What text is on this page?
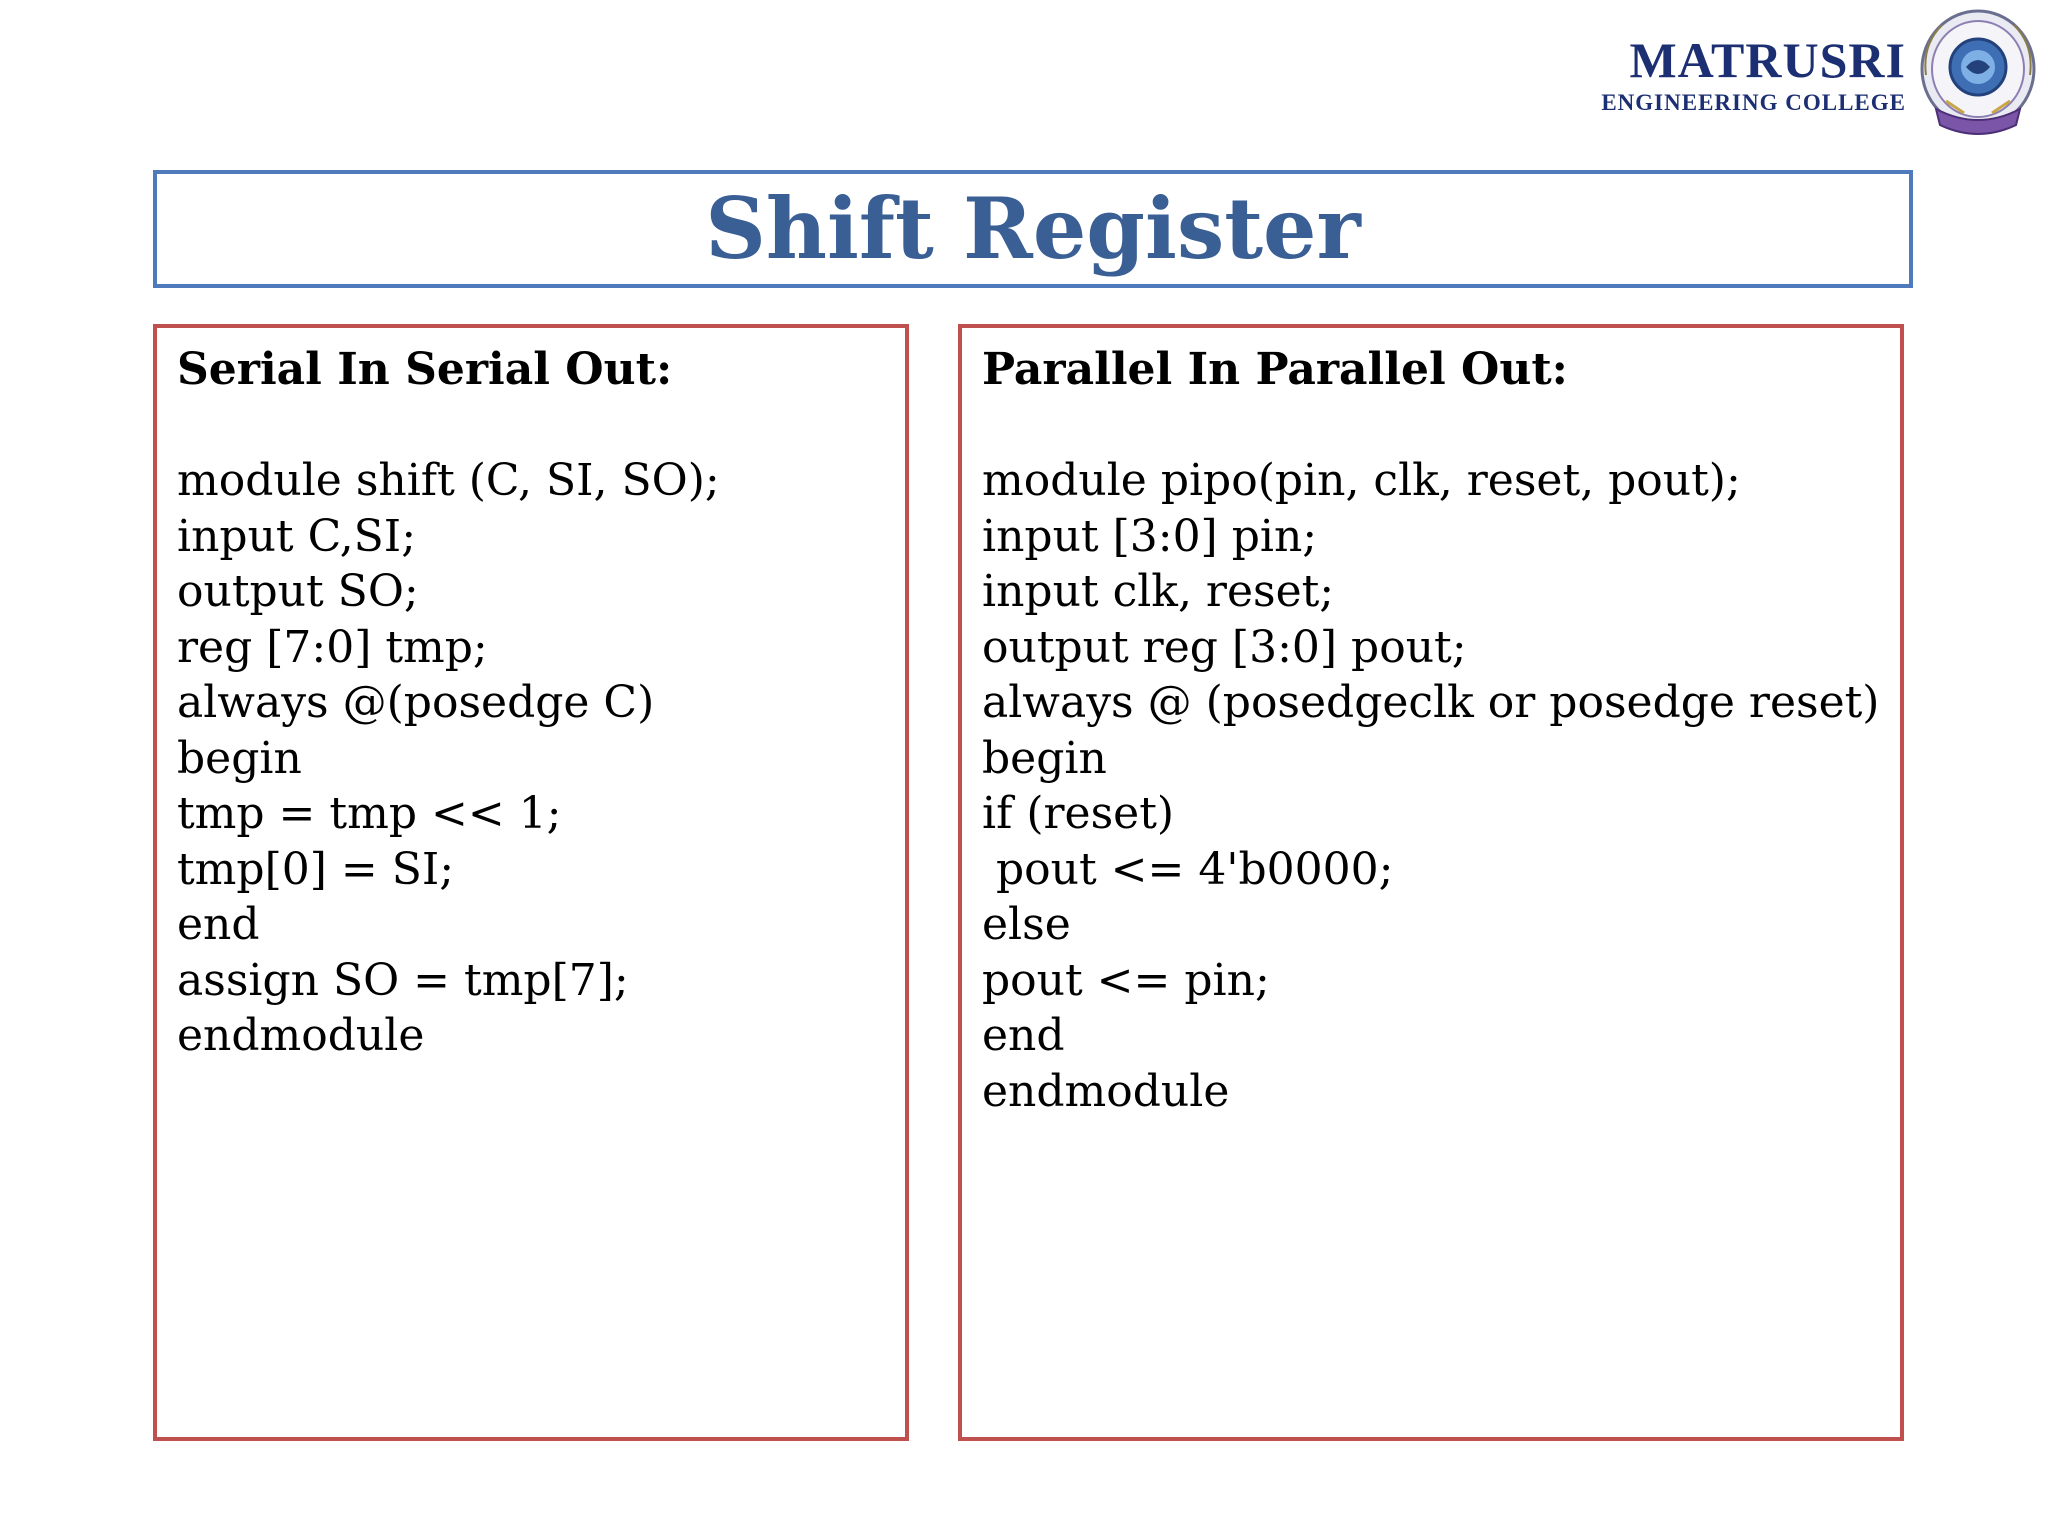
MATRUSRI
ENGINEERING COLLEGE
Shift Register
Serial In Serial Out:
module shift (C, SI, SO);
input C,SI;
output SO;
reg [7:0] tmp;
always @(posedge C)
begin
tmp = tmp << 1;
tmp[0] = SI;
end
assign SO = tmp[7];
endmodule
Parallel In Parallel Out:
module pipo(pin, clk, reset, pout);
input [3:0] pin;
input clk, reset;
output reg [3:0] pout;
always @ (posedgeclk or posedge reset)
begin
if (reset)
pout <= 4'b0000;
else
pout <= pin;
end
endmodule
